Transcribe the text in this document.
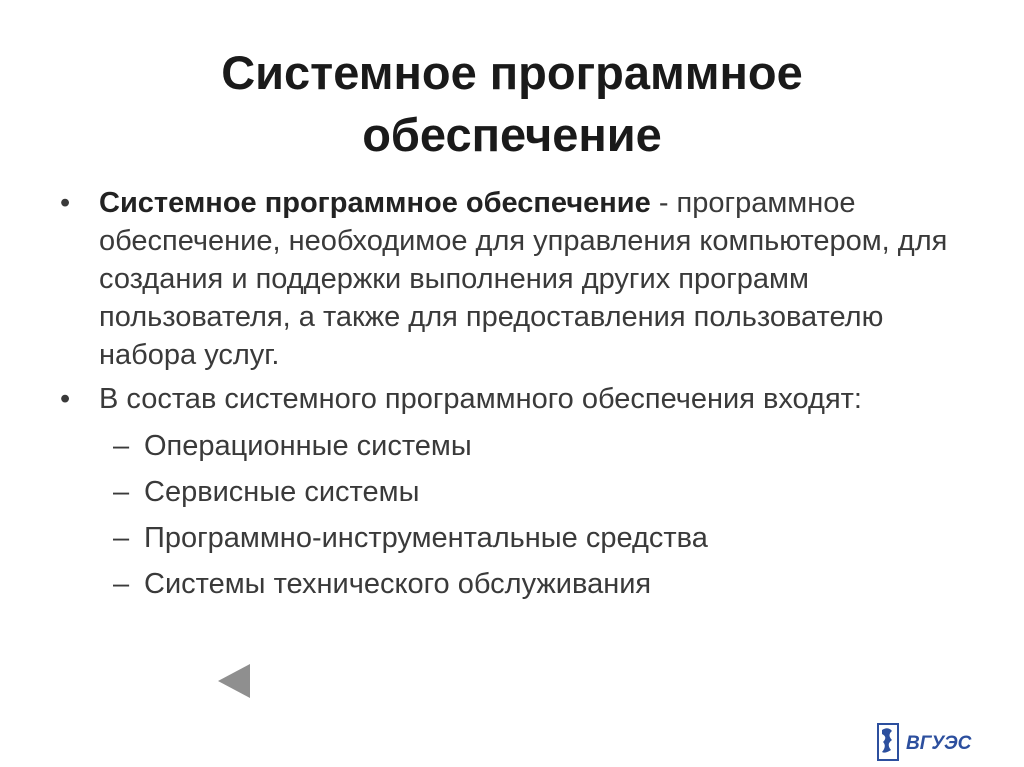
Системное программное
обеспечение
• Системное программное обеспечение - программное обеспечение, необходимое для управления компьютером, для создания и поддержки выполнения других программ пользователя, а также для предоставления пользователю набора услуг.
• В состав системного программного обеспечения входят:
– Операционные системы
– Сервисные системы
– Программно-инструментальные средства
– Системы технического обслуживания
ВГУЭС
